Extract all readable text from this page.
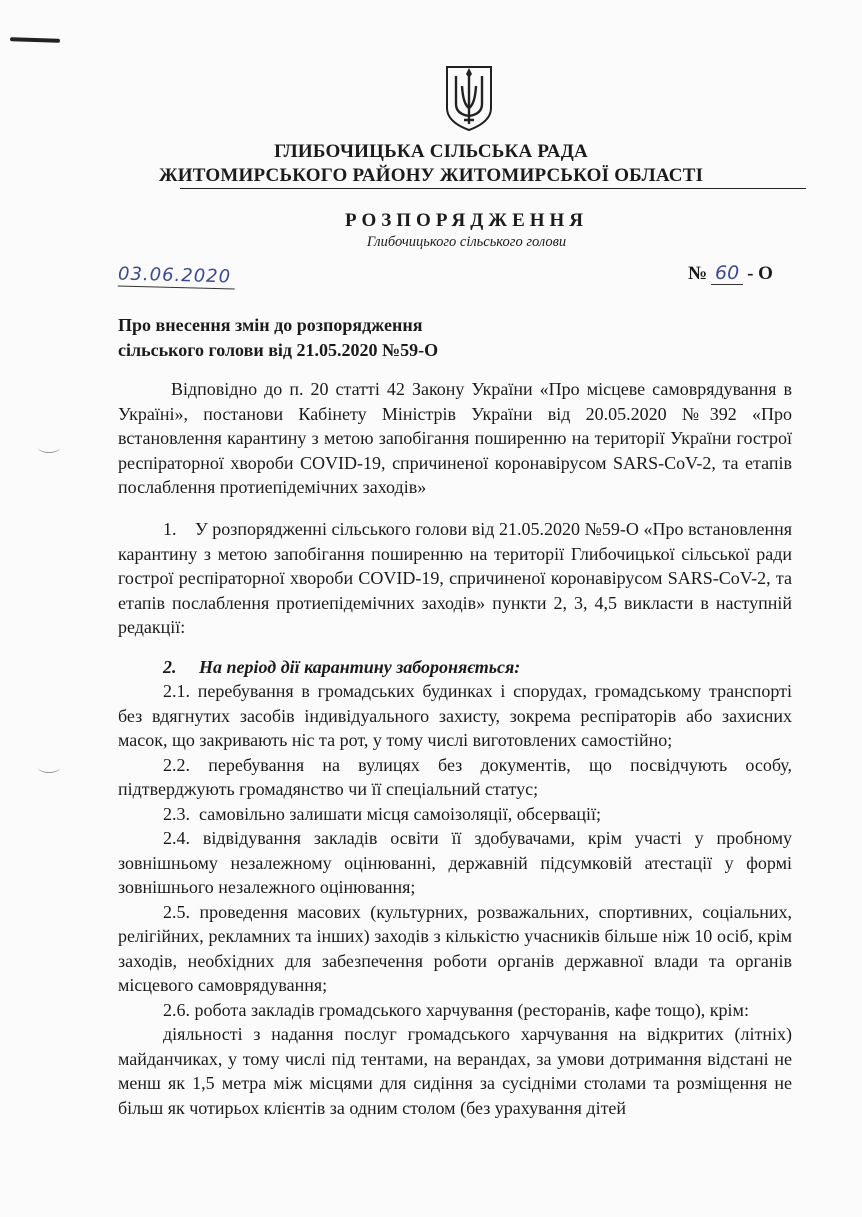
ГЛИБОЧИЦЬКА СІЛЬСЬКА РАДА
ЖИТОМИРСЬКОГО РАЙОНУ ЖИТОМИРСЬКОЇ ОБЛАСТІ
РОЗПОРЯДЖЕННЯ
Глибочицького сільського голови
03.06.2020	№ 60 - О
Про внесення змін до розпорядження
сільського голови від 21.05.2020 №59-О

Відповідно до п. 20 статті 42 Закону України «Про місцеве самоврядування в Україні», постанови Кабінету Міністрів України від 20.05.2020 №392 «Про встановлення карантину з метою запобігання поширенню на території України гострої респіраторної хвороби COVID-19, спричиненої коронавірусом SARS-CoV-2, та етапів послаблення протиепідемічних заходів»

1.    У розпорядженні сільського голови від 21.05.2020 №59-О «Про встановлення карантину з метою запобігання поширенню на території Глибочицької сільської ради гострої респіраторної хвороби COVID-19, спричиненої коронавірусом SARS-CoV-2, та етапів послаблення протиепідемічних заходів» пункти 2, 3, 4,5 викласти в наступній редакції:

2.     На період дії карантину забороняється:

2.1. перебування в громадських будинках і спорудах, громадському транспорті без вдягнутих засобів індивідуального захисту, зокрема респіраторів або захисних масок, що закривають ніс та рот, у тому числі виготовлених самостійно;

2.2. перебування на вулицях без документів, що посвідчують особу, підтверджують громадянство чи її спеціальний статус;

2.3.  самовільно залишати місця самоізоляції, обсервації;

2.4. відвідування закладів освіти її здобувачами, крім участі у пробному зовнішньому незалежному оцінюванні, державній підсумковій атестації у формі зовнішнього незалежного оцінювання;

2.5. проведення масових (культурних, розважальних, спортивних, соціальних, релігійних, рекламних та інших) заходів з кількістю учасників більше ніж 10 осіб, крім заходів, необхідних для забезпечення роботи органів державної влади та органів місцевого самоврядування;

2.6. робота закладів громадського харчування (ресторанів, кафе тощо), крім:

діяльності з надання послуг громадського харчування на відкритих (літніх) майданчиках, у тому числі під тентами, на верандах, за умови дотримання відстані не менш як 1,5 метра між місцями для сидіння за сусідніми столами та розміщення не більш як чотирьох клієнтів за одним столом (без урахування дітей
